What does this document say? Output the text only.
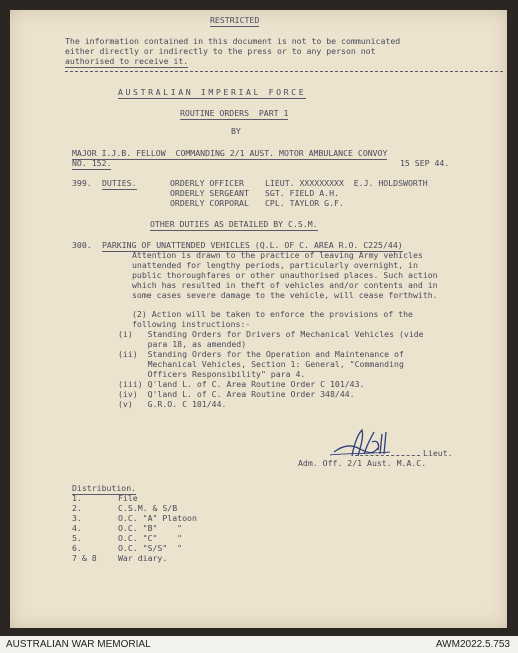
RESTRICTED
The information contained in this document is not to be communicated
either directly or indirectly to the press or to any person not
authorised to receive it.
AUSTRALIAN IMPERIAL FORCE
ROUTINE ORDERS  PART 1
BY
MAJOR I.J.B. FELLOW  COMMANDING 2/1 AUST. MOTOR AMBULANCE CONVOY
NO. 152.	15 SEP 44.
399. DUTIES.	ORDERLY OFFICER	LIEUT. XXXXXXXXX  E.J. HOLDSWORTH
ORDERLY SERGEANT SGT. FIELD A.H.
ORDERLY CORPORAL CPL. TAYLOR G.F.
OTHER DUTIES AS DETAILED BY C.S.M.
300. PARKING OF UNATTENDED VEHICLES (Q.L. OF C. AREA R.O. C225/44)
Attention is drawn to the practice of leaving Army vehicles
unattended for lengthy periods, particularly overnight, in
public thoroughfares or other unauthorised places. Such action
which has resulted in theft of vehicles and/or contents and in
some cases severe damage to the vehicle, will cease forthwith.
(2) Action will be taken to enforce the provisions of the
following instructions:-
(i)   Standing Orders for Drivers of Mechanical Vehicles (vide
para 18, as amended)
(ii)  Standing Orders for the Operation and Maintenance of
Mechanical Vehicles, Section 1: General, "Commanding
Officers Responsibility" para 4.
(iii) Q'land L. of C. Area Routine Order C 101/43.
(iv)  Q'land L. of C. Area Routine Order 348/44.
(v)   G.R.O. C 101/44.
Lieut.
Adm. Off. 2/1 Aust. M.A.C.
Distribution.
1.	File
2.	C.S.M. & S/B
3.	O.C. "A" Platoon
4.	O.C. "B"    "
5.	O.C. "C"    "
6.	O.C. "S/S"  "
7 & 8	War diary.
AUSTRALIAN WAR MEMORIAL	AWM2022.5.753
